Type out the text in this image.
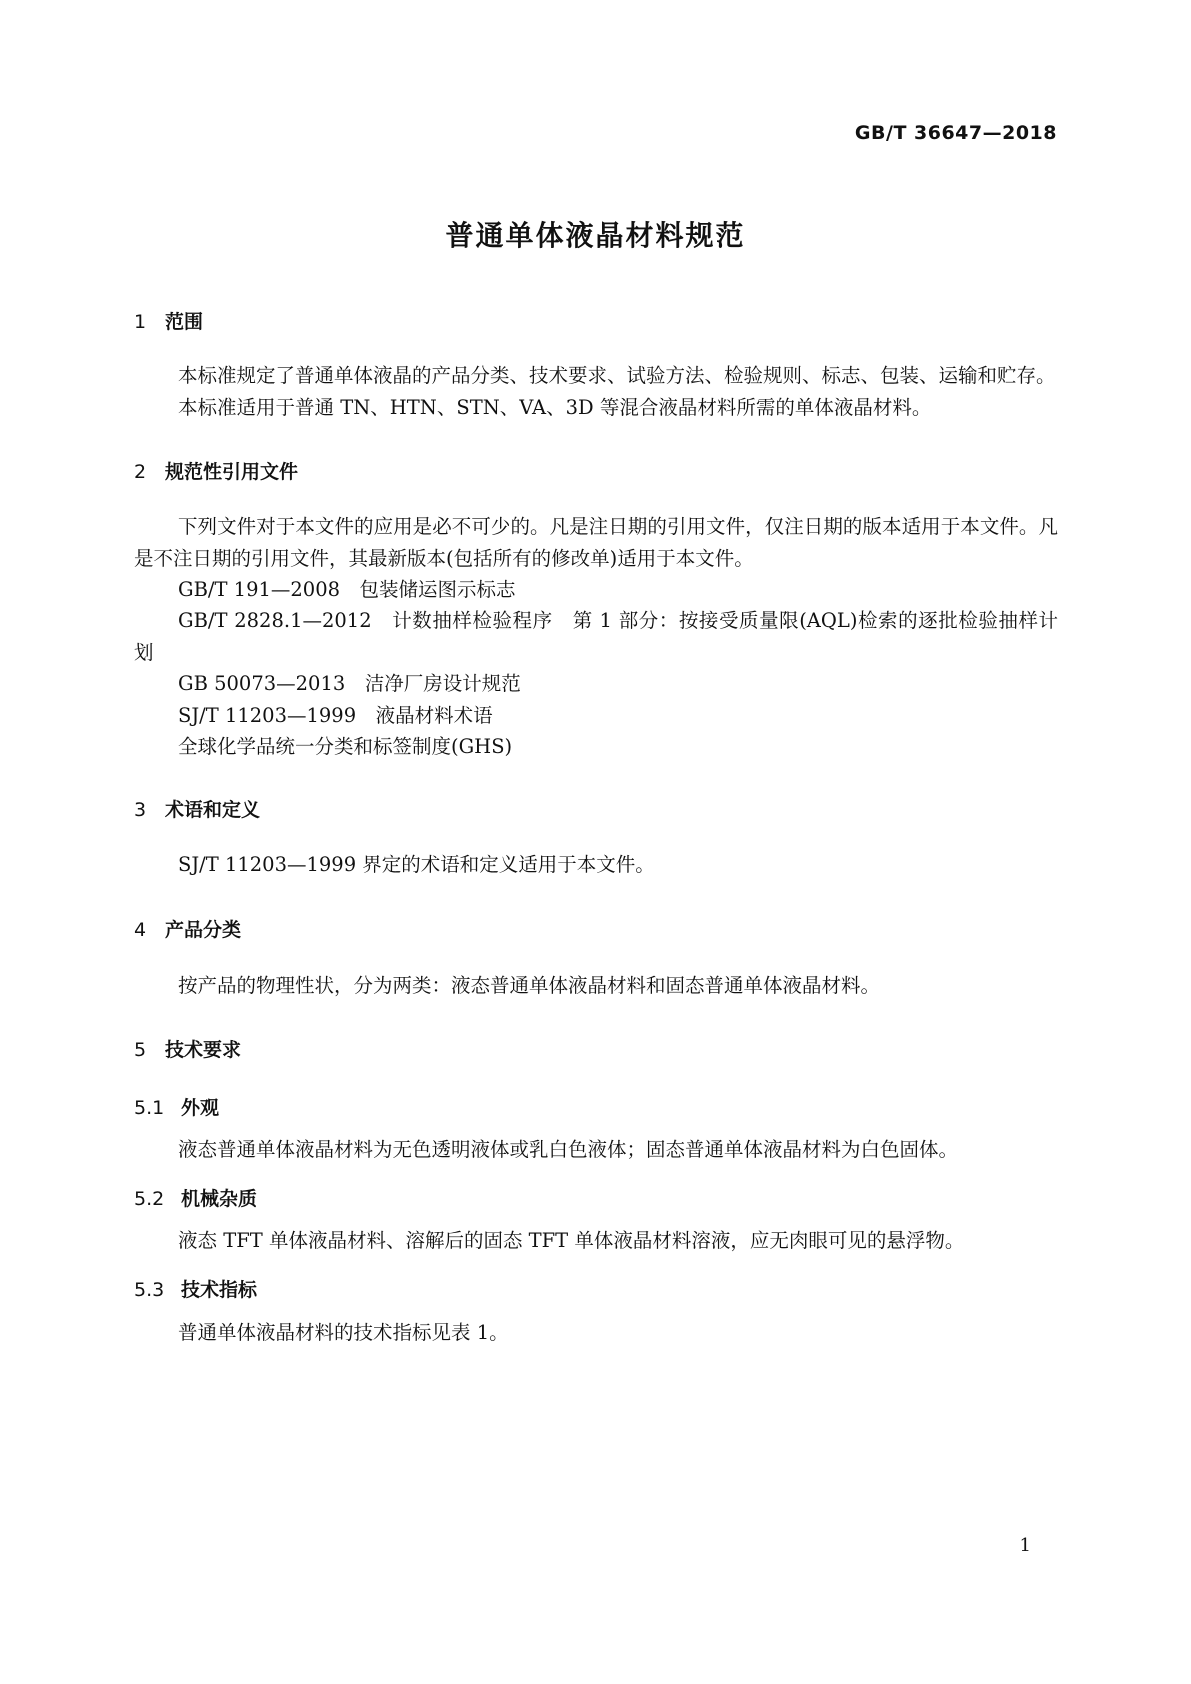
GB/T 36647—2018
普通单体液晶材料规范
1 范围
本标准规定了普通单体液晶的产品分类、技术要求、试验方法、检验规则、标志、包装、运输和贮存。
本标准适用于普通 TN、HTN、STN、VA、3D 等混合液晶材料所需的单体液晶材料。
2 规范性引用文件
下列文件对于本文件的应用是必不可少的。凡是注日期的引用文件，仅注日期的版本适用于本文件。凡是不注日期的引用文件，其最新版本(包括所有的修改单)适用于本文件。
GB/T 191—2008　包装储运图示标志
GB/T 2828.1—2012　计数抽样检验程序　第 1 部分：按接受质量限(AQL)检索的逐批检验抽样计划
GB 50073—2013　洁净厂房设计规范
SJ/T 11203—1999　液晶材料术语
全球化学品统一分类和标签制度(GHS)
3 术语和定义
SJ/T 11203—1999 界定的术语和定义适用于本文件。
4 产品分类
按产品的物理性状，分为两类：液态普通单体液晶材料和固态普通单体液晶材料。
5 技术要求
5.1 外观
液态普通单体液晶材料为无色透明液体或乳白色液体；固态普通单体液晶材料为白色固体。
5.2 机械杂质
液态 TFT 单体液晶材料、溶解后的固态 TFT 单体液晶材料溶液，应无肉眼可见的悬浮物。
5.3 技术指标
普通单体液晶材料的技术指标见表 1。
1
